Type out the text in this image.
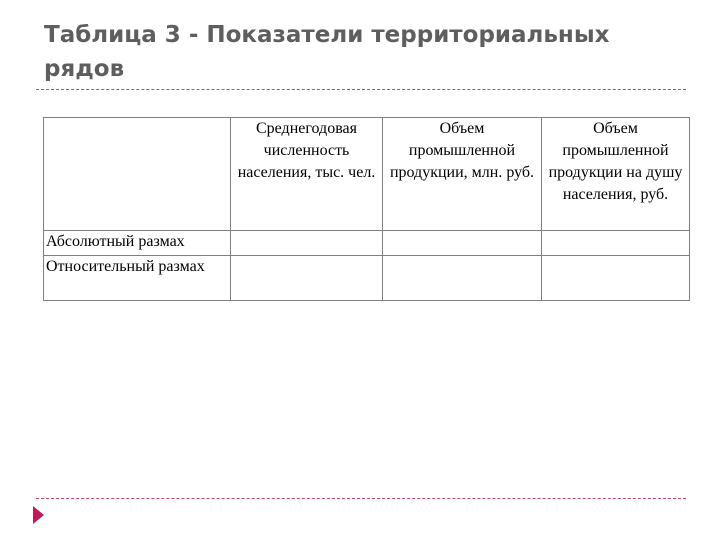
Таблица 3 - Показатели территориальных рядов
	Среднегодовая численность населения, тыс. чел.	Объем промышленной продукции, млн. руб.	Объем промышленной продукции на душу населения, руб.
Абсолютный размах			
Относительный размах			
